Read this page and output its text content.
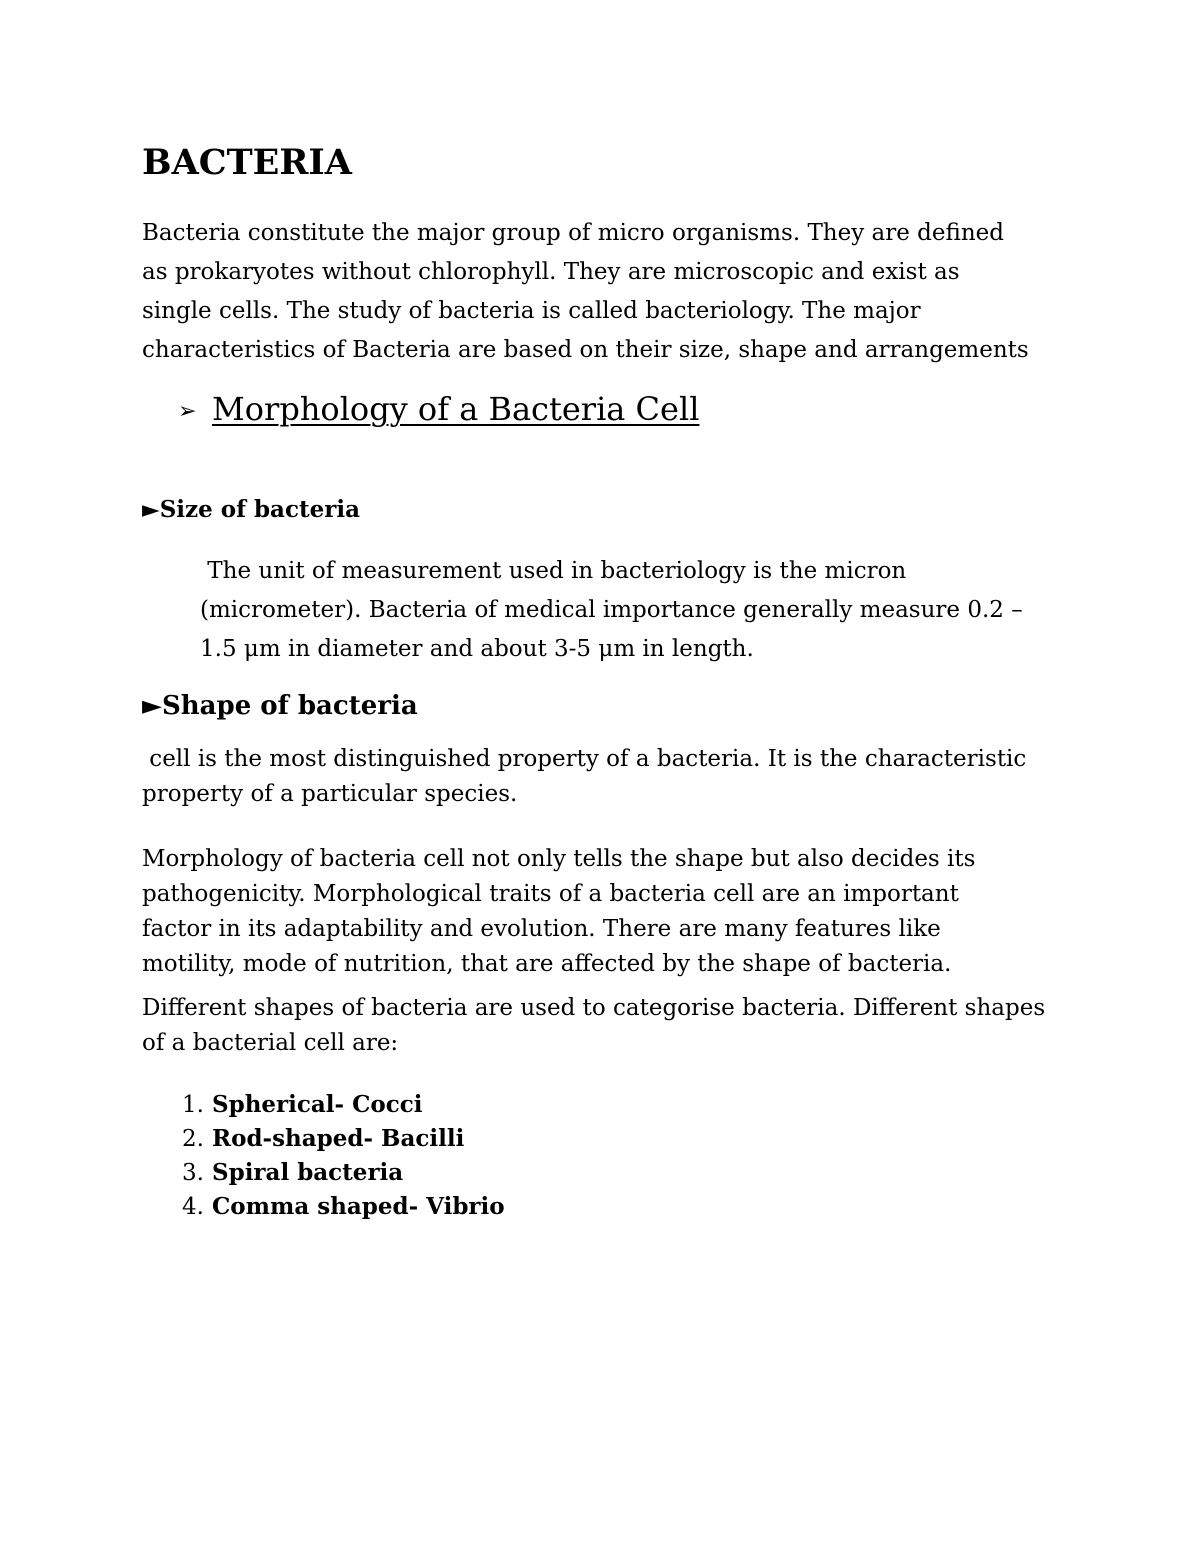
BACTERIA
Bacteria constitute the major group of micro organisms. They are defined
as prokaryotes without chlorophyll. They are microscopic and exist as
single cells. The study of bacteria is called bacteriology. The major
characteristics of Bacteria are based on their size, shape and arrangements
➢ Morphology of a Bacteria Cell
►Size of bacteria
The unit of measurement used in bacteriology is the micron
(micrometer). Bacteria of medical importance generally measure 0.2 –
1.5 μm in diameter and about 3-5 μm in length.
►Shape of bacteria
cell is the most distinguished property of a bacteria. It is the characteristic
property of a particular species.
Morphology of bacteria cell not only tells the shape but also decides its
pathogenicity. Morphological traits of a bacteria cell are an important
factor in its adaptability and evolution. There are many features like
motility, mode of nutrition, that are affected by the shape of bacteria.
Different shapes of bacteria are used to categorise bacteria. Different shapes
of a bacterial cell are:
1. Spherical- Cocci
2. Rod-shaped- Bacilli
3. Spiral bacteria
4. Comma shaped- Vibrio
